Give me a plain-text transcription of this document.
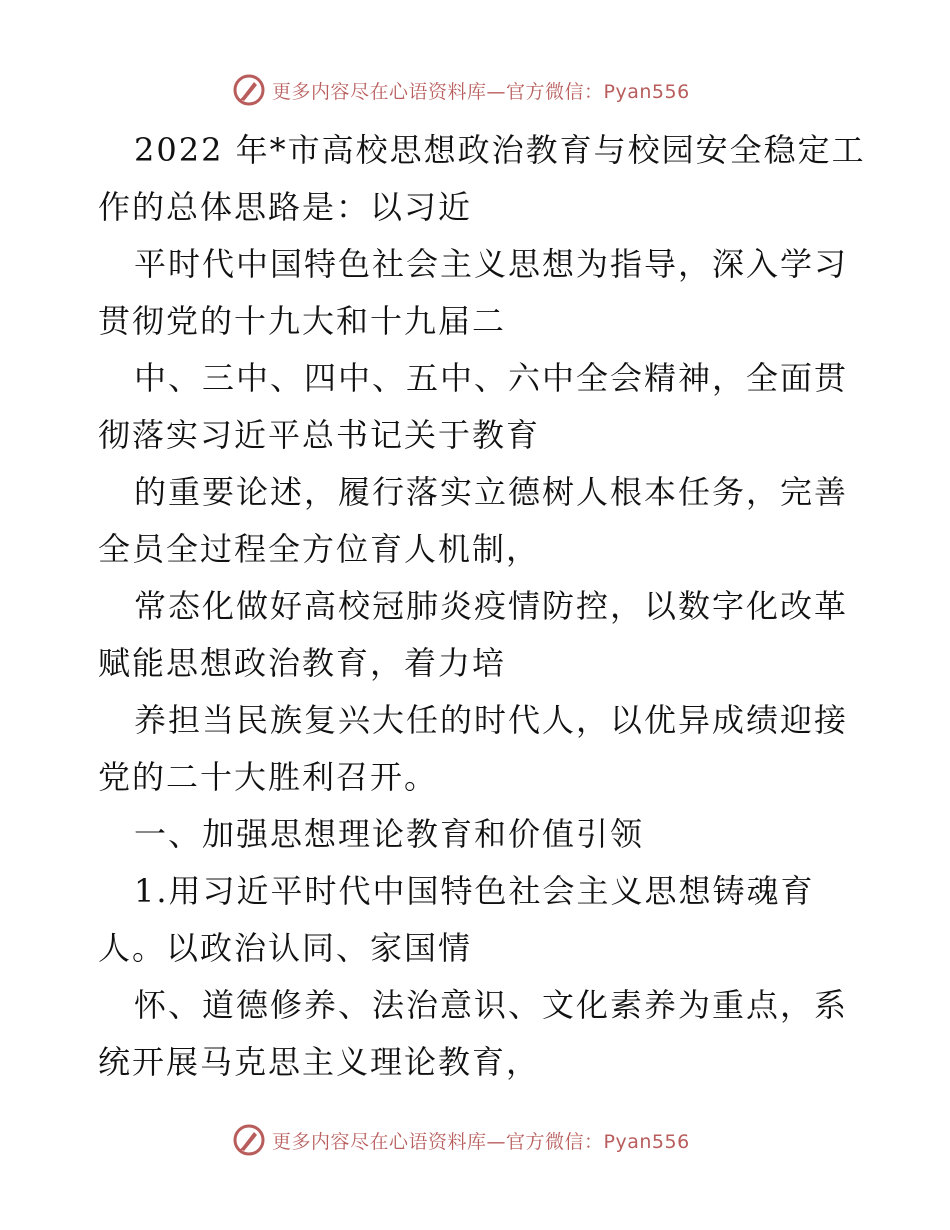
更多内容尽在心语资料库—官方微信：Pyan556

2022 年*市高校思想政治教育与校园安全稳定工

作的总体思路是：以习近

平时代中国特色社会主义思想为指导，深入学习

贯彻党的十九大和十九届二

中、三中、四中、五中、六中全会精神，全面贯

彻落实习近平总书记关于教育

的重要论述，履行落实立德树人根本任务，完善

全员全过程全方位育人机制，

常态化做好高校冠肺炎疫情防控，以数字化改革

赋能思想政治教育，着力培

养担当民族复兴大任的时代人，以优异成绩迎接

党的二十大胜利召开。

一、加强思想理论教育和价值引领

1.用习近平时代中国特色社会主义思想铸魂育

人。以政治认同、家国情

怀、道德修养、法治意识、文化素养为重点，系

统开展马克思主义理论教育，

更多内容尽在心语资料库—官方微信：Pyan556
